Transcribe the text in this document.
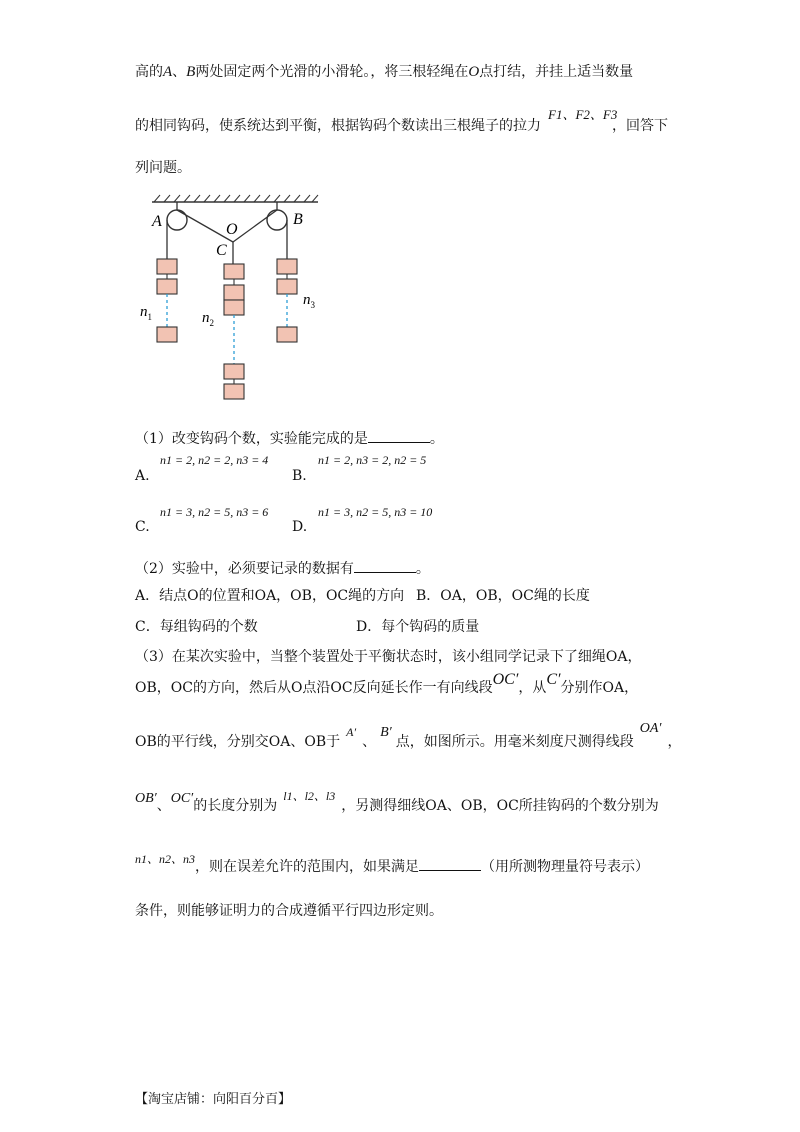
高的A、B两处固定两个光滑的小滑轮。，将三根轻绳在O点打结，并挂上适当数量
的相同钩码，使系统达到平衡，根据钩码个数读出三根绳子的拉力
F1、F2、F3
，回答下
列问题。
A	B
O
C
$n_1$	$n_2$
$n_3$
（1）改变钩码个数，实验能完成的是	。
A.
n1 = 2, n2 = 2, n3 = 4
B.
n1 = 2, n3 = 2, n2 = 5
C.
n1 = 3, n2 = 5, n3 = 6
D.
n1 = 3, n2 = 5, n3 = 10
（2）实验中，必须要记录的数据有	。
A．结点O的位置和OA，OB，OC绳的方向 B．OA，OB，OC绳的长度
C．每组钩码的个数	D．每个钩码的质量
（3）在某次实验中，当整个装置处于平衡状态时，该小组同学记录下了细绳OA，
OB，OC的方向，然后从O点沿OC反向延长作一有向线段OC′，从C′分别作OA，
OB的平行线，分别交OA、OB于A′、B′点，如图所示。用毫米刻度尺测得线段OA′，
OB′、OC′的长度分别为l1、l2、l3，另测得细线OA、OB，OC所挂钩码的个数分别为
n1、n2、n3，则在误差允许的范围内，如果满足	（用所测物理量符号表示）
条件，则能够证明力的合成遵循平行四边形定则。
【淘宝店铺：向阳百分百】
